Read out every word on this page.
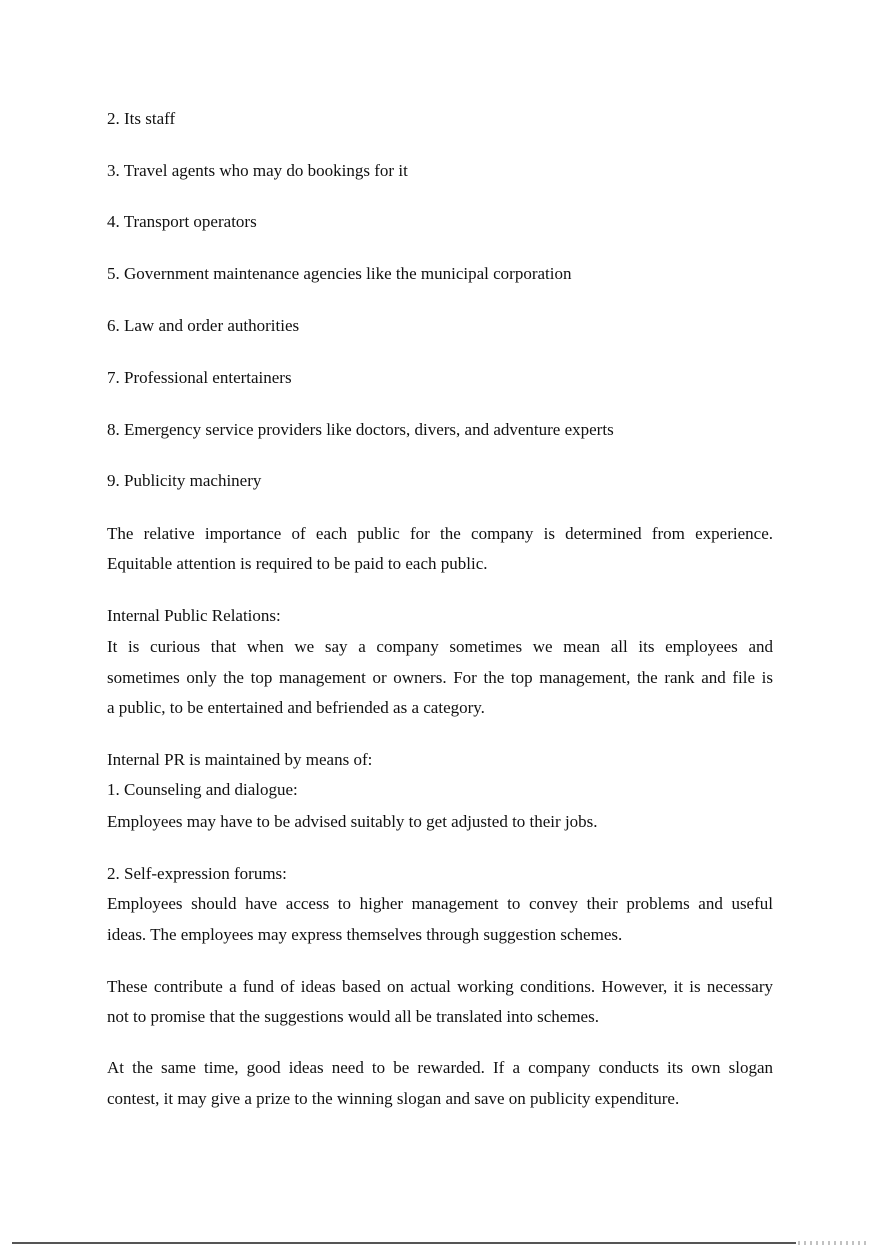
2. Its staff
3. Travel agents who may do bookings for it
4. Transport operators
5. Government maintenance agencies like the municipal corporation
6. Law and order authorities
7. Professional entertainers
8. Emergency service providers like doctors, divers, and adventure experts
9. Publicity machinery
The relative importance of each public for the company is determined from experience.
Equitable attention is required to be paid to each public.
Internal Public Relations:
It is curious that when we say a company sometimes we mean all its employees and
sometimes only the top management or owners. For the top management, the rank and file is
a public, to be entertained and befriended as a category.
Internal PR is maintained by means of:
1. Counseling and dialogue:
Employees may have to be advised suitably to get adjusted to their jobs.
2. Self-expression forums:
Employees should have access to higher management to convey their problems and useful
ideas. The employees may express themselves through suggestion schemes.
These contribute a fund of ideas based on actual working conditions. However, it is necessary
not to promise that the suggestions would all be translated into schemes.
At the same time, good ideas need to be rewarded. If a company conducts its own slogan
contest, it may give a prize to the winning slogan and save on publicity expenditure.
